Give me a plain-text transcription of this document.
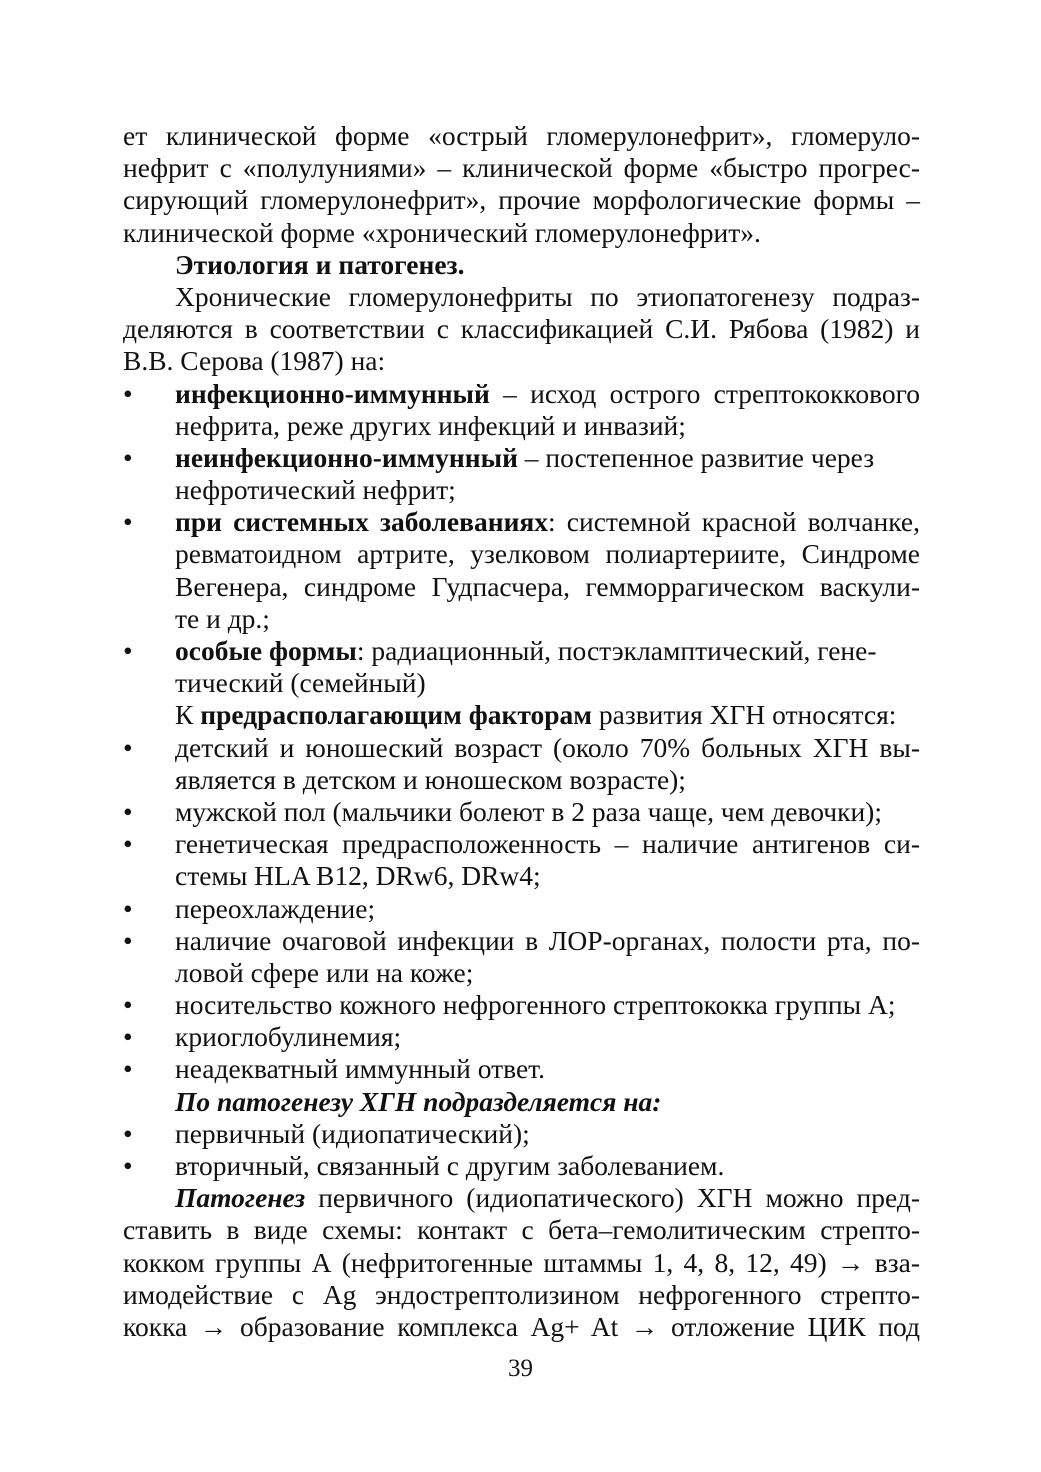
ет клинической форме «острый гломерулонефрит», гломеруло-
нефрит с «полулуниями» – клинической форме «быстро прогрес-
сирующий гломерулонефрит», прочие морфологические формы –
клинической форме «хронический гломерулонефрит».
Этиология и патогенез.
Хронические гломерулонефриты по этиопатогенезу подраз-
деляются в соответствии с классификацией С.И. Рябова (1982) и
В.В. Серова (1987) на:
• инфекционно-иммунный – исход острого стрептококкового
нефрита, реже других инфекций и инвазий;
• неинфекционно-иммунный – постепенное развитие через
нефротический нефрит;
• при системных заболеваниях: системной красной волчанке,
ревматоидном артрите, узелковом полиартериите, Синдроме
Вегенера, синдроме Гудпасчера, гемморрагическом васкули-
те и др.;
• особые формы: радиационный, постэкламптический, гене-
тический (семейный)
К предрасполагающим факторам развития ХГН относятся:
• детский и юношеский возраст (около 70% больных ХГН вы-
является в детском и юношеском возрасте);
• мужской пол (мальчики болеют в 2 раза чаще, чем девочки);
• генетическая предрасположенность – наличие антигенов си-
стемы HLA B12, DRw6, DRw4;
• переохлаждение;
• наличие очаговой инфекции в ЛОР-органах, полости рта, по-
ловой сфере или на коже;
• носительство кожного нефрогенного стрептококка группы А;
• криоглобулинемия;
• неадекватный иммунный ответ.
По патогенезу ХГН подразделяется на:
• первичный (идиопатический);
• вторичный, связанный с другим заболеванием.
Патогенез первичного (идиопатического) ХГН можно пред-
ставить в виде схемы: контакт с бета–гемолитическим стрепто-
кокком группы А (нефритогенные штаммы 1, 4, 8, 12, 49) → вза-
имодействие с Ag эндострептолизином нефрогенного стрепто-
кокка → образование комплекса Ag+ At → отложение ЦИК под
39
